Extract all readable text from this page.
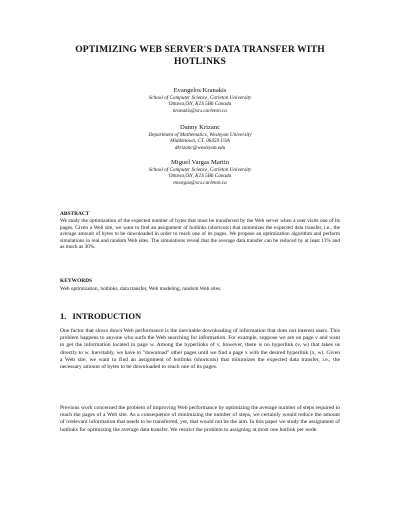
OPTIMIZING WEB SERVER'S DATA TRANSFER WITH
HOTLINKS
Evangelos Kranakis
School of Computer Science, Carleton University
Ottawa,ON, K1S 5B6 Canada
kranakis@scs.carleton.ca
Danny Krizanc
Department of Mathematics, Wesleyan University
Middletown, CT. 06459 USA
dkrizanc@wesleyan.edu
Miguel Vargas Martin
School of Computer Science, Carleton University
Ottawa,ON, K1S 5B6 Canada
mvargas@scs.carleton.ca
ABSTRACT
We study the optimization of the expected number of bytes that must be transferred by the Web server when a user visits one of its pages. Given a Web site, we want to find an assignment of hotlinks (shortcuts) that minimizes the expected data transfer, i.e., the average amount of bytes to be downloaded in order to reach one of its pages. We propose an optimization algorithm and perform simulations in real and random Web sites. The simulations reveal that the average data transfer can be reduced by at least 11% and as much as 30%.
KEYWORDS
Web optimization, hotlinks, data transfer, Web modeling, random Web sites.
1. INTRODUCTION
One factor that slows down Web performance is the inevitable downloading of information that does not interest users. This problem happens to anyone who surfs the Web searching for information. For example, suppose we are on page v and want to get the information located in page w. Among the hyperlinks of v, however, there is no hyperlink (v, w) that takes us directly to w. Inevitably, we have to "download" other pages until we find a page x with the desired hyperlink (x, w). Given a Web site, we want to find an assignment of hotlinks (shortcuts) that minimizes the expected data transfer, i.e., the necessary amount of bytes to be downloaded to reach one of its pages.
Previous work concerned the problem of improving Web performance by optimizing the average number of steps required to reach the pages of a Web site. As a consequence of minimizing the number of steps, we certainly would reduce the amount of irrelevant information that needs to be transferred, yet, that would not be the aim. In this paper we study the assignment of hotlinks for optimizing the average data transfer. We restrict the problem to assigning at most one hotlink per node.
